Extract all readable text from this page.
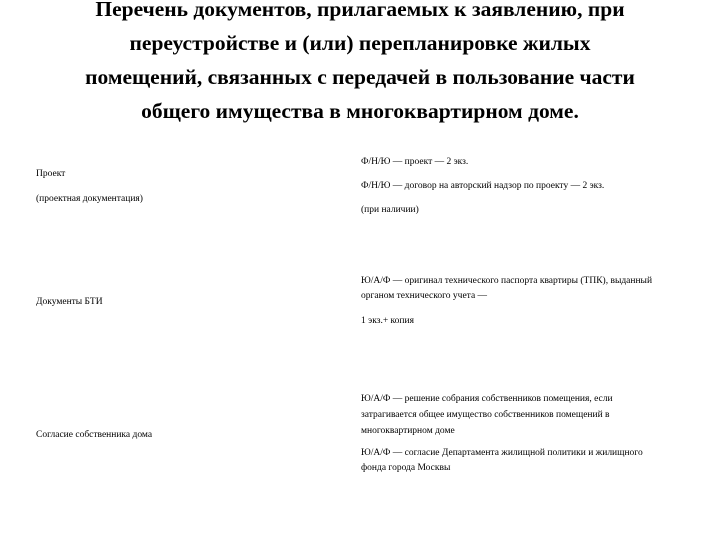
Перечень документов, прилагаемых к заявлению, при
переустройстве и (или) перепланировке жилых
помещений, связанных с передачей в пользование части
общего имущества в многоквартирном доме.

Проект

(проектная документация)

Ф/Н/Ю — проект — 2 экз.

Ф/Н/Ю — договор на авторский надзор по проекту — 2 экз.

(при наличии)

Документы БТИ

Ю/А/Ф — оригинал технического паспорта квартиры (ТПК), выданный

органом технического учета —

1 экз.+ копия

Согласие собственника дома

Ю/А/Ф — решение собрания собственников помещения, если

затрагивается общее имущество собственников помещений в

многоквартирном доме

Ю/А/Ф — согласие Департамента жилищной политики и жилищного

фонда города Москвы
